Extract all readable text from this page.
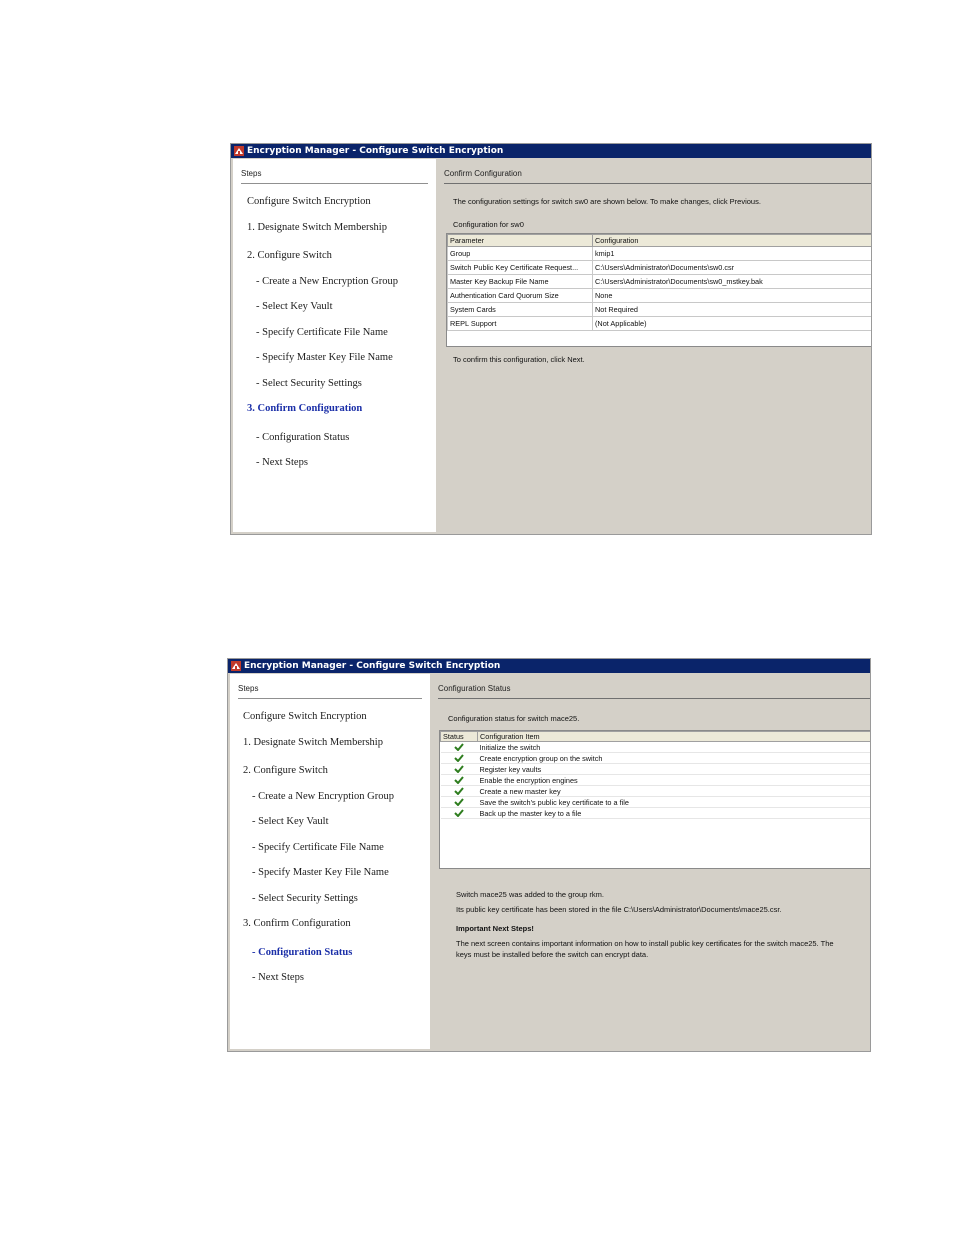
Encryption Manager - Configure Switch Encryption
Steps
Configure Switch Encryption
1. Designate Switch Membership
2. Configure Switch
- Create a New Encryption Group
- Select Key Vault
- Specify Certificate File Name
- Specify Master Key File Name
- Select Security Settings
3. Confirm Configuration
- Configuration Status
- Next Steps
Confirm Configuration
The configuration settings for switch sw0 are shown below. To make changes, click Previous.
Configuration for sw0
Parameter	Configuration
Group	kmip1
Switch Public Key Certificate Request...	C:\Users\Administrator\Documents\sw0.csr
Master Key Backup File Name	C:\Users\Administrator\Documents\sw0_mstkey.bak
Authentication Card Quorum Size	None
System Cards	Not Required
REPL Support	(Not Applicable)
To confirm this configuration, click Next.
Encryption Manager - Configure Switch Encryption
Steps
Configure Switch Encryption
1. Designate Switch Membership
2. Configure Switch
- Create a New Encryption Group
- Select Key Vault
- Specify Certificate File Name
- Specify Master Key File Name
- Select Security Settings
3. Confirm Configuration
- Configuration Status
- Next Steps
Configuration Status
Configuration status for switch mace25.
Status	Configuration Item

	Initialize the switch

	Create encryption group on the switch

	Register key vaults

	Enable the encryption engines

	Create a new master key

	Save the switch's public key certificate to a file

	Back up the master key to a file
Switch mace25 was added to the group rkm.
Its public key certificate has been stored in the file C:\Users\Administrator\Documents\mace25.csr.
Important Next Steps!
The next screen contains important information on how to install public key certificates for the switch mace25. The
keys must be installed before the switch can encrypt data.
